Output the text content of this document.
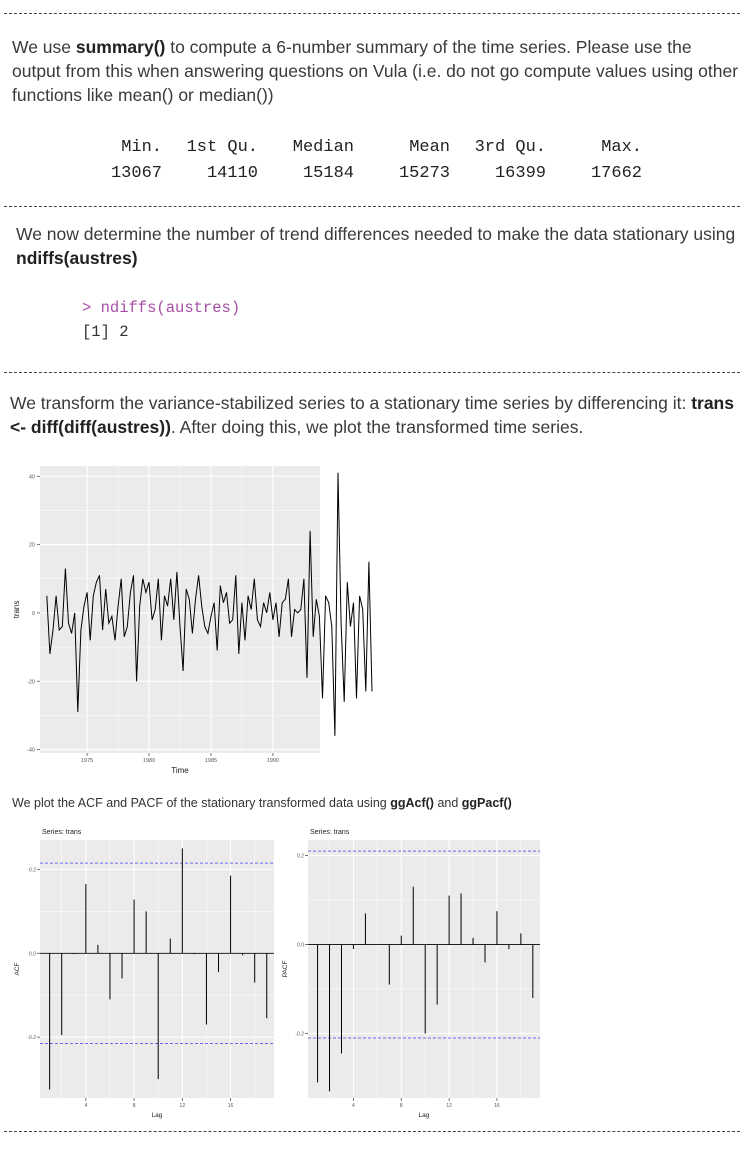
We use summary() to compute a 6-number summary of the time series. Please use the output from this when answering questions on Vula (i.e. do not go compute values using other functions like mean() or median())
Min.	1st Qu.	Median	Mean	3rd Qu.	Max.
13067	14110	15184	15273	16399	17662
We now determine the number of trend differences needed to make the data stationary using ndiffs(austres)
> ndiffs(austres)
[1] 2
We transform the variance-stabilized series to a stationary time series by differencing it: trans <- diff(diff(austres)). After doing this, we plot the transformed time series.
-40
-20
0
20
40
1975	1980	1985	1990
Time
trans
We plot the ACF and PACF of the stationary transformed data using ggAcf() and ggPacf()
Series: trans
-0.2
0.0
0.2
4	8	12	16
Lag
ACF
Series: trans
-0.2
0.0
0.2
4	8	12	16
Lag
PACF
